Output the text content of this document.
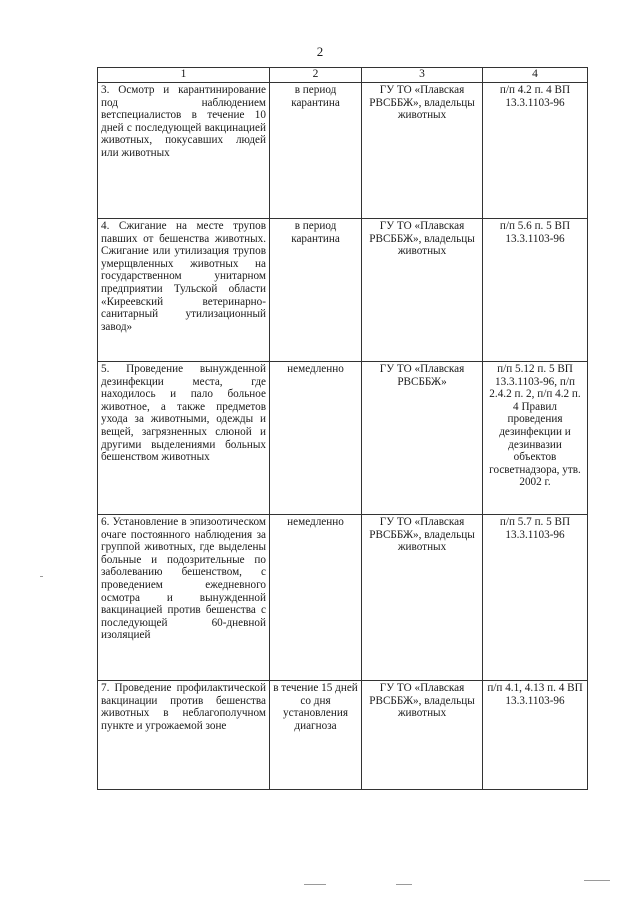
2
1	2	3	4
3. Осмотр и карантинирование под наблюдением ветспециалистов в течение 10 дней с последующей вакцинацией животных, покусавших людей или животных	в период карантина	ГУ ТО «Плавская РВСББЖ», владельцы животных	п/п 4.2 п. 4 ВП 13.3.1103-96
4. Сжигание на месте трупов павших от бешенства животных. Сжигание или утилизация трупов умерщвленных животных на государственном унитарном предприятии Тульской области «Киреевский ветеринарно-санитарный утилизационный завод»	в период карантина	ГУ ТО «Плавская РВСББЖ», владельцы животных	п/п 5.6 п. 5 ВП 13.3.1103-96
5. Проведение вынужденной дезинфекции места, где находилось и пало больное животное, а также предметов ухода за животными, одежды и вещей, загрязненных слюной и другими выделениями больных бешенством животных	немедленно	ГУ ТО «Плавская РВСББЖ»	п/п 5.12 п. 5 ВП 13.3.1103-96, п/п 2.4.2 п. 2, п/п 4.2 п. 4 Правил проведения дезинфекции и дезинвазии объектов госветнадзора, утв. 2002 г.
6. Установление в эпизоотическом очаге постоянного наблюдения за группой животных, где выделены больные и подозрительные по заболеванию бешенством, с проведением ежедневного осмотра и вынужденной вакцинацией против бешенства с последующей 60-дневной изоляцией	немедленно	ГУ ТО «Плавская РВСББЖ», владельцы животных	п/п 5.7 п. 5 ВП 13.3.1103-96
7. Проведение профилактической вакцинации против бешенства животных в неблагополучном пункте и угрожаемой зоне	в течение 15 дней со дня установления диагноза	ГУ ТО «Плавская РВСББЖ», владельцы животных	п/п 4.1, 4.13 п. 4 ВП 13.3.1103-96
